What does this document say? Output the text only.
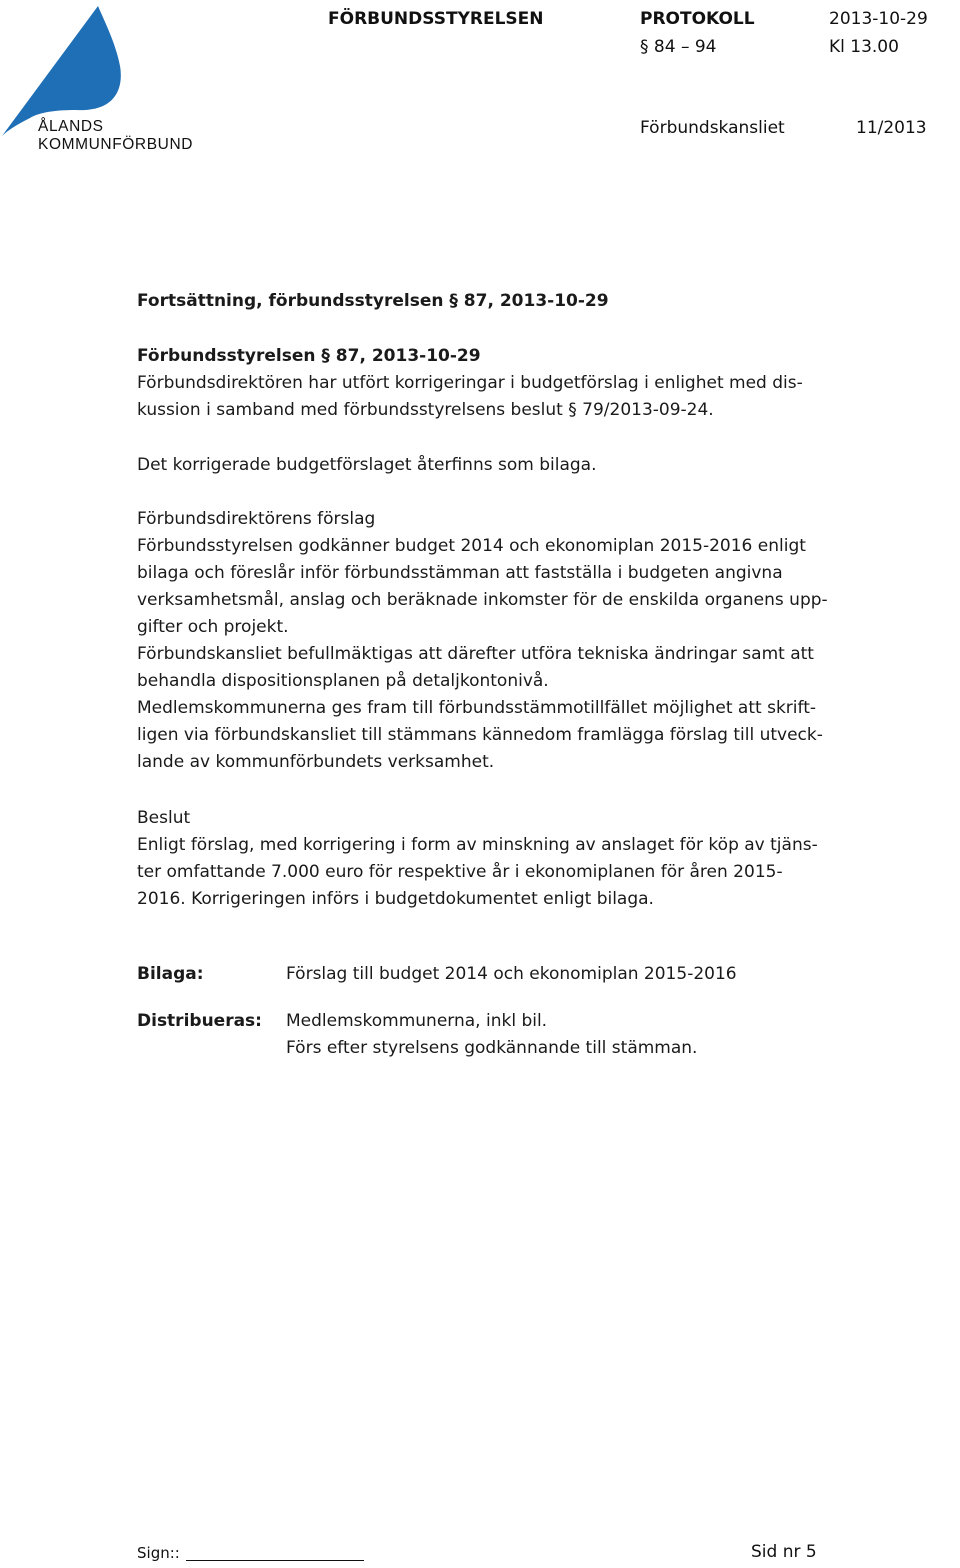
ÅLANDS
KOMMUNFÖRBUND
FÖRBUNDSSTYRELSEN	PROTOKOLL	2013-10-29
§ 84 – 94	Kl 13.00
Förbundskansliet	11/2013
Fortsättning, förbundsstyrelsen § 87, 2013-10-29
Förbundsstyrelsen § 87, 2013-10-29
Förbundsdirektören har utfört korrigeringar i budgetförslag i enlighet med dis-
kussion i samband med förbundsstyrelsens beslut § 79/2013-09-24.
Det korrigerade budgetförslaget återfinns som bilaga.
Förbundsdirektörens förslag
Förbundsstyrelsen godkänner budget 2014 och ekonomiplan 2015-2016 enligt
bilaga och föreslår inför förbundsstämman att fastställa i budgeten angivna
verksamhetsmål, anslag och beräknade inkomster för de enskilda organens upp-
gifter och projekt.
Förbundskansliet befullmäktigas att därefter utföra tekniska ändringar samt att
behandla dispositionsplanen på detaljkontonivå.
Medlemskommunerna ges fram till förbundsstämmotillfället möjlighet att skrift-
ligen via förbundskansliet till stämmans kännedom framlägga förslag till utveck-
lande av kommunförbundets verksamhet.
Beslut
Enligt förslag, med korrigering i form av minskning av anslaget för köp av tjäns-
ter omfattande 7.000 euro för respektive år i ekonomiplanen för åren 2015-
2016. Korrigeringen införs i budgetdokumentet enligt bilaga.
Bilaga:	Förslag till budget 2014 och ekonomiplan 2015-2016
Distribueras: Medlemskommunerna, inkl bil.
Förs efter styrelsens godkännande till stämman.
Sign::	Sid nr 5
